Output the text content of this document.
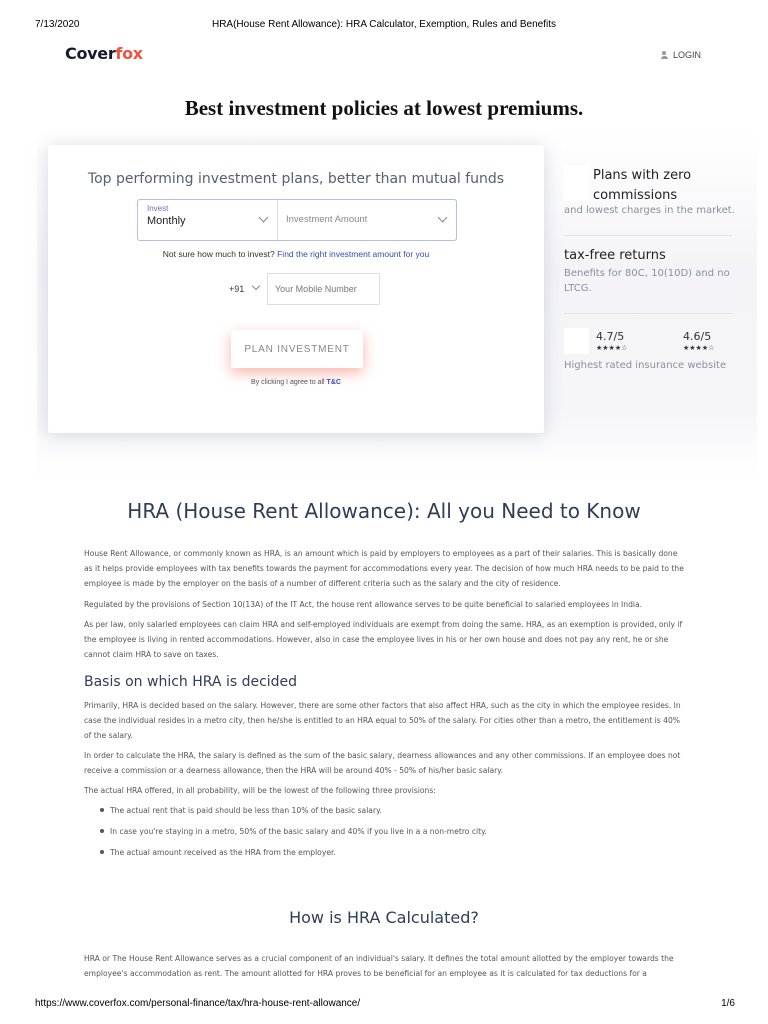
7/13/2020	HRA(House Rent Allowance): HRA Calculator, Exemption, Rules and Benefits
Coverfox	LOGIN
Best investment policies at lowest premiums.
Top performing investment plans, better than mutual funds
Invest
Monthly	Investment Amount
Not sure how much to invest? Find the right investment amount for you
+91	Your Mobile Number
PLAN INVESTMENT
By clicking I agree to all T&C
Plans with zero commissions
and lowest charges in the market.
tax-free returns
Benefits for 80C, 10(10D) and no LTCG.
4.7/5
★★★★☆
4.6/5
★★★★☆
Highest rated insurance website
HRA (House Rent Allowance): All you Need to Know
House Rent Allowance, or commonly known as HRA, is an amount which is paid by employers to employees as a part of their salaries. This is basically done as it helps provide employees with tax benefits towards the payment for accommodations every year. The decision of how much HRA needs to be paid to the employee is made by the employer on the basis of a number of different criteria such as the salary and the city of residence.
Regulated by the provisions of Section 10(13A) of the IT Act, the house rent allowance serves to be quite beneficial to salaried employees in India.
As per law, only salaried employees can claim HRA and self-employed individuals are exempt from doing the same. HRA, as an exemption is provided, only if the employee is living in rented accommodations. However, also in case the employee lives in his or her own house and does not pay any rent, he or she cannot claim HRA to save on taxes.
Basis on which HRA is decided
Primarily, HRA is decided based on the salary. However, there are some other factors that also affect HRA, such as the city in which the employee resides. In case the individual resides in a metro city, then he/she is entitled to an HRA equal to 50% of the salary. For cities other than a metro, the entitlement is 40% of the salary.
In order to calculate the HRA, the salary is defined as the sum of the basic salary, dearness allowances and any other commissions. If an employee does not receive a commission or a dearness allowance, then the HRA will be around 40% - 50% of his/her basic salary.
The actual HRA offered, in all probability, will be the lowest of the following three provisions:
The actual rent that is paid should be less than 10% of the basic salary.
In case you're staying in a metro, 50% of the basic salary and 40% if you live in a a non-metro city.
The actual amount received as the HRA from the employer.
How is HRA Calculated?
HRA or The House Rent Allowance serves as a crucial component of an individual's salary. It defines the total amount allotted by the employer towards the employee's accommodation as rent. The amount allotted for HRA proves to be beneficial for an employee as it is calculated for tax deductions for a
https://www.coverfox.com/personal-finance/tax/hra-house-rent-allowance/	1/6
